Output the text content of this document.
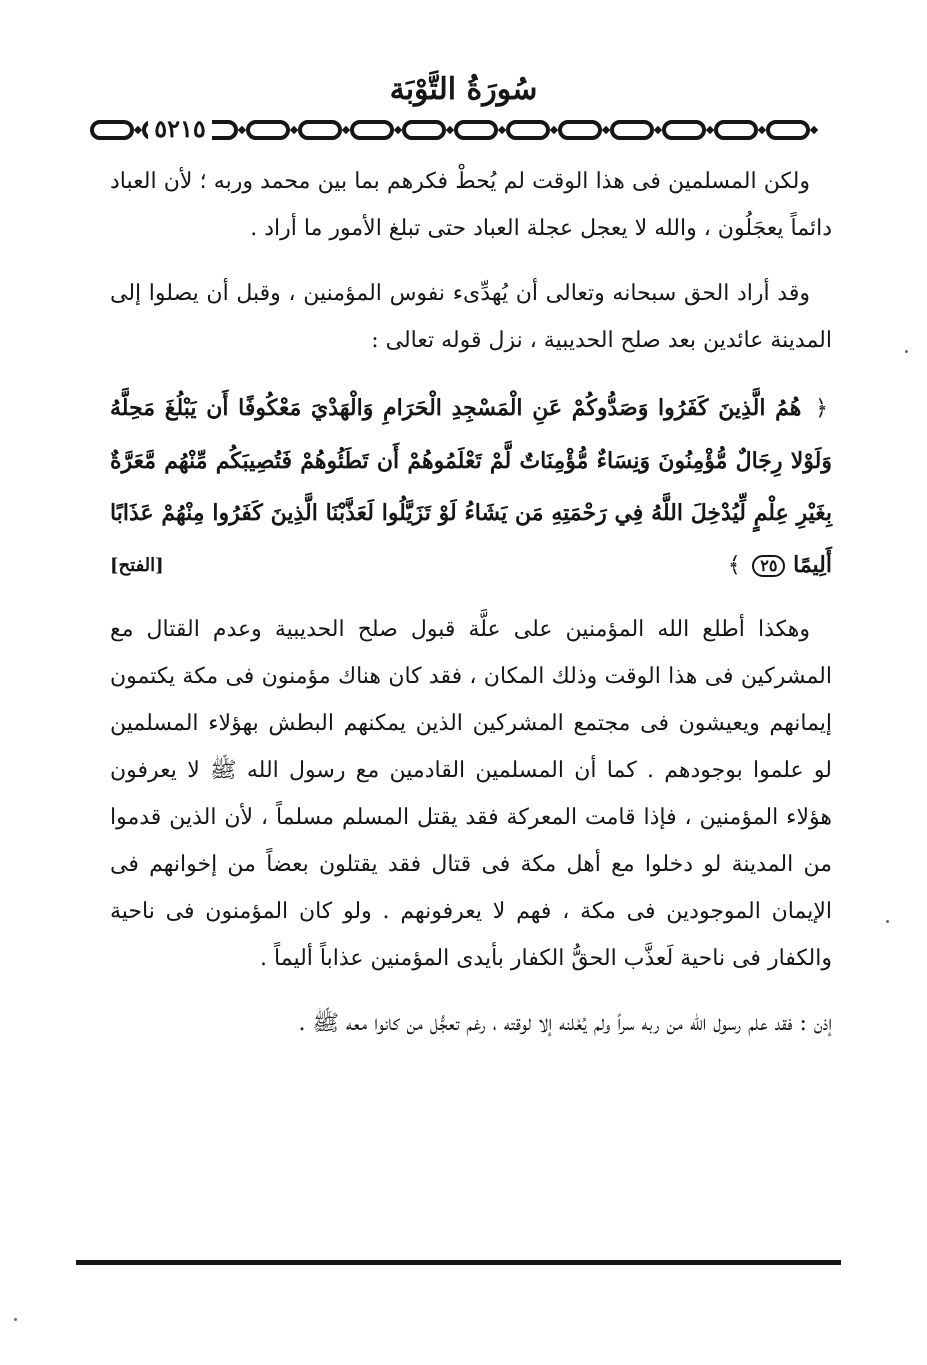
سُورَةُ التَّوْبَة
٥٢١٥

ولكن المسلمين فى هذا الوقت لم يُحطْ فكرهم بما بين محمد وربه ؛ لأن العباد دائماً يعجَلُون ، والله لا يعجل عجلة العباد حتى تبلغ الأمور ما أراد .

وقد أراد الحق سبحانه وتعالى أن يُهدِّىء نفوس المؤمنين ، وقبل أن يصلوا إلى المدينة عائدين بعد صلح الحديبية ، نزل قوله تعالى :

﴿ هُمُ الَّذِينَ كَفَرُوا وَصَدُّوكُمْ عَنِ الْمَسْجِدِ الْحَرَامِ وَالْهَدْيَ مَعْكُوفًا أَن يَبْلُغَ مَحِلَّهُ وَلَوْلا رِجَالٌ مُّؤْمِنُونَ وَنِسَاءٌ مُّؤْمِنَاتٌ لَّمْ تَعْلَمُوهُمْ أَن تَطَئُوهُمْ فَتُصِيبَكُم مِّنْهُم مَّعَرَّةٌ بِغَيْرِ عِلْمٍ لِّيُدْخِلَ اللَّهُ فِي رَحْمَتِهِ مَن يَشَاءُ لَوْ تَزَيَّلُوا لَعَذَّبْنَا الَّذِينَ كَفَرُوا مِنْهُمْ عَذَابًا أَلِيمًا ٢٥ ﴾
[الفتح]

وهكذا أطلع الله المؤمنين على علَّة قبول صلح الحديبية وعدم القتال مع المشركين فى هذا الوقت وذلك المكان ، فقد كان هناك مؤمنون فى مكة يكتمون إيمانهم ويعيشون فى مجتمع المشركين الذين يمكنهم البطش بهؤلاء المسلمين لو علموا بوجودهم . كما أن المسلمين القادمين مع رسول الله ﷺ لا يعرفون هؤلاء المؤمنين ، فإذا قامت المعركة فقد يقتل المسلم مسلماً ، لأن الذين قدموا من المدينة لو دخلوا مع أهل مكة فى قتال فقد يقتلون بعضاً من إخوانهم فى الإيمان الموجودين فى مكة ، فهم لا يعرفونهم . ولو كان المؤمنون فى ناحية والكفار فى ناحية لَعذَّب الحقُّ الكفار بأيدى المؤمنين عذاباً أليماً .

إذن : فقد علم رسول الله من ربه سراً ولم يُعْلنه إلا لوقته ، رغم تعجُّل من كانوا معه ﷺ .
